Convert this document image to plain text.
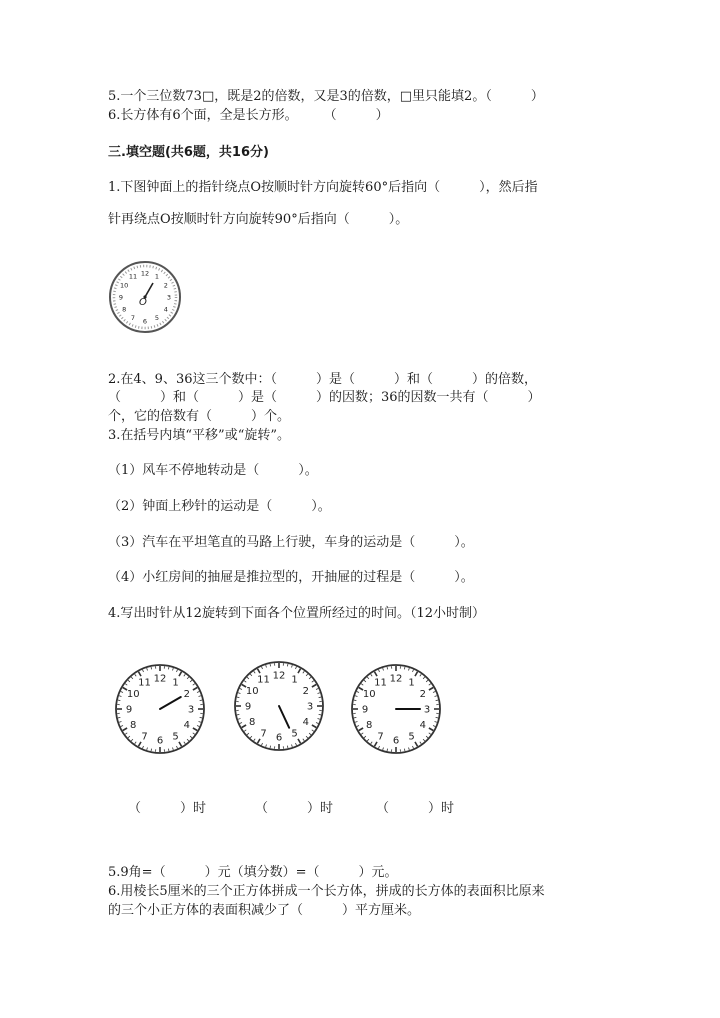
5.一个三位数73□，既是2的倍数，又是3的倍数，□里只能填2。（　　　）
6.长方体有6个面，全是长方形。　　　（　　　）
三.填空题(共6题，共16分)
1.下图钟面上的指针绕点O按顺时针方向旋转60°后指向（　　　），然后指
针再绕点O按顺时针方向旋转90°后指向（　　　）。
12 1
2
3
4
5
6
7
8
9
10
11
O
2.在4、9、36这三个数中：（　　　）是（　　　）和（　　　）的倍数，
（　　　）和（　　　）是（　　　）的因数；36的因数一共有（　　　）
个，它的倍数有（　　　）个。
3.在括号内填“平移”或“旋转”。
（1）风车不停地转动是（　　　）。
（2）钟面上秒针的运动是（　　　）。
（3）汽车在平坦笔直的马路上行驶，车身的运动是（　　　）。
（4）小红房间的抽屉是推拉型的，开抽屉的过程是（　　　）。
4.写出时针从12旋转到下面各个位置所经过的时间。（12小时制）
12 1
2
3
4
5
6
7
8
9
10
11
12 1
2
3
4
5
6
7
8
9
10
11	12 1
2
3
4
5
6
7
8
9
10
11
（　　　）时	（　　　）时	（　　　）时
5.9角=（　　　）元（填分数）=（　　　）元。
6.用棱长5厘米的三个正方体拼成一个长方体，拼成的长方体的表面积比原来
的三个小正方体的表面积减少了（　　　）平方厘米。
